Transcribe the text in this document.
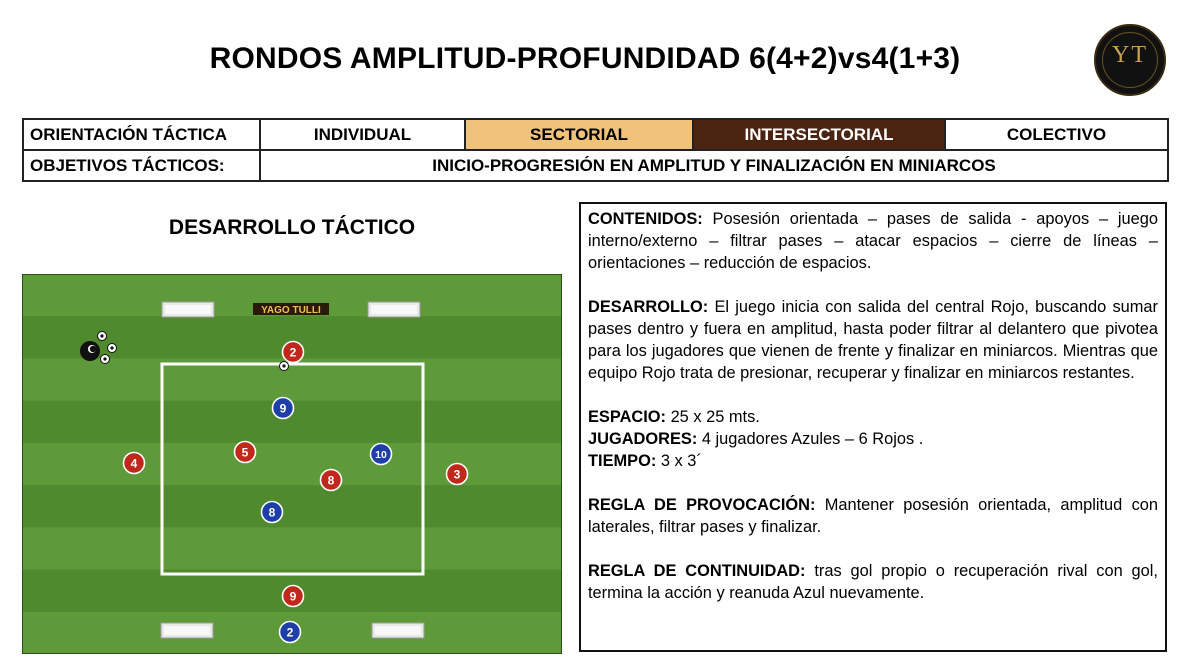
RONDOS AMPLITUD-PROFUNDIDAD 6(4+2)vs4(1+3)	YT
ORIENTACIÓN TÁCTICA	INDIVIDUAL	SECTORIAL	INTERSECTORIAL	COLECTIVO
OBJETIVOS TÁCTICOS:	INICIO-PROGRESIÓN EN AMPLITUD Y FINALIZACIÓN EN MINIARCOS			
DESARROLLO TÁCTICO
YAGO TULLI
2
4
5
8	3
9
9
10
8
2

CONTENIDOS: Posesión orientada – pases de salida - apoyos – juego interno/externo – filtrar pases – atacar espacios – cierre de líneas – orientaciones – reducción de espacios.

DESARROLLO: El juego inicia con salida del central Rojo, buscando sumar pases dentro y fuera en amplitud, hasta poder filtrar al delantero que pivotea para los jugadores que vienen de frente y finalizar en miniarcos. Mientras que equipo Rojo trata de presionar, recuperar y finalizar en miniarcos restantes.

ESPACIO: 25 x 25 mts.

JUGADORES: 4 jugadores Azules – 6 Rojos .

TIEMPO: 3 x 3´

REGLA DE PROVOCACIÓN: Mantener posesión orientada, amplitud con laterales, filtrar pases y finalizar.

REGLA DE CONTINUIDAD: tras gol propio o recuperación rival con gol, termina la acción y reanuda Azul nuevamente.
